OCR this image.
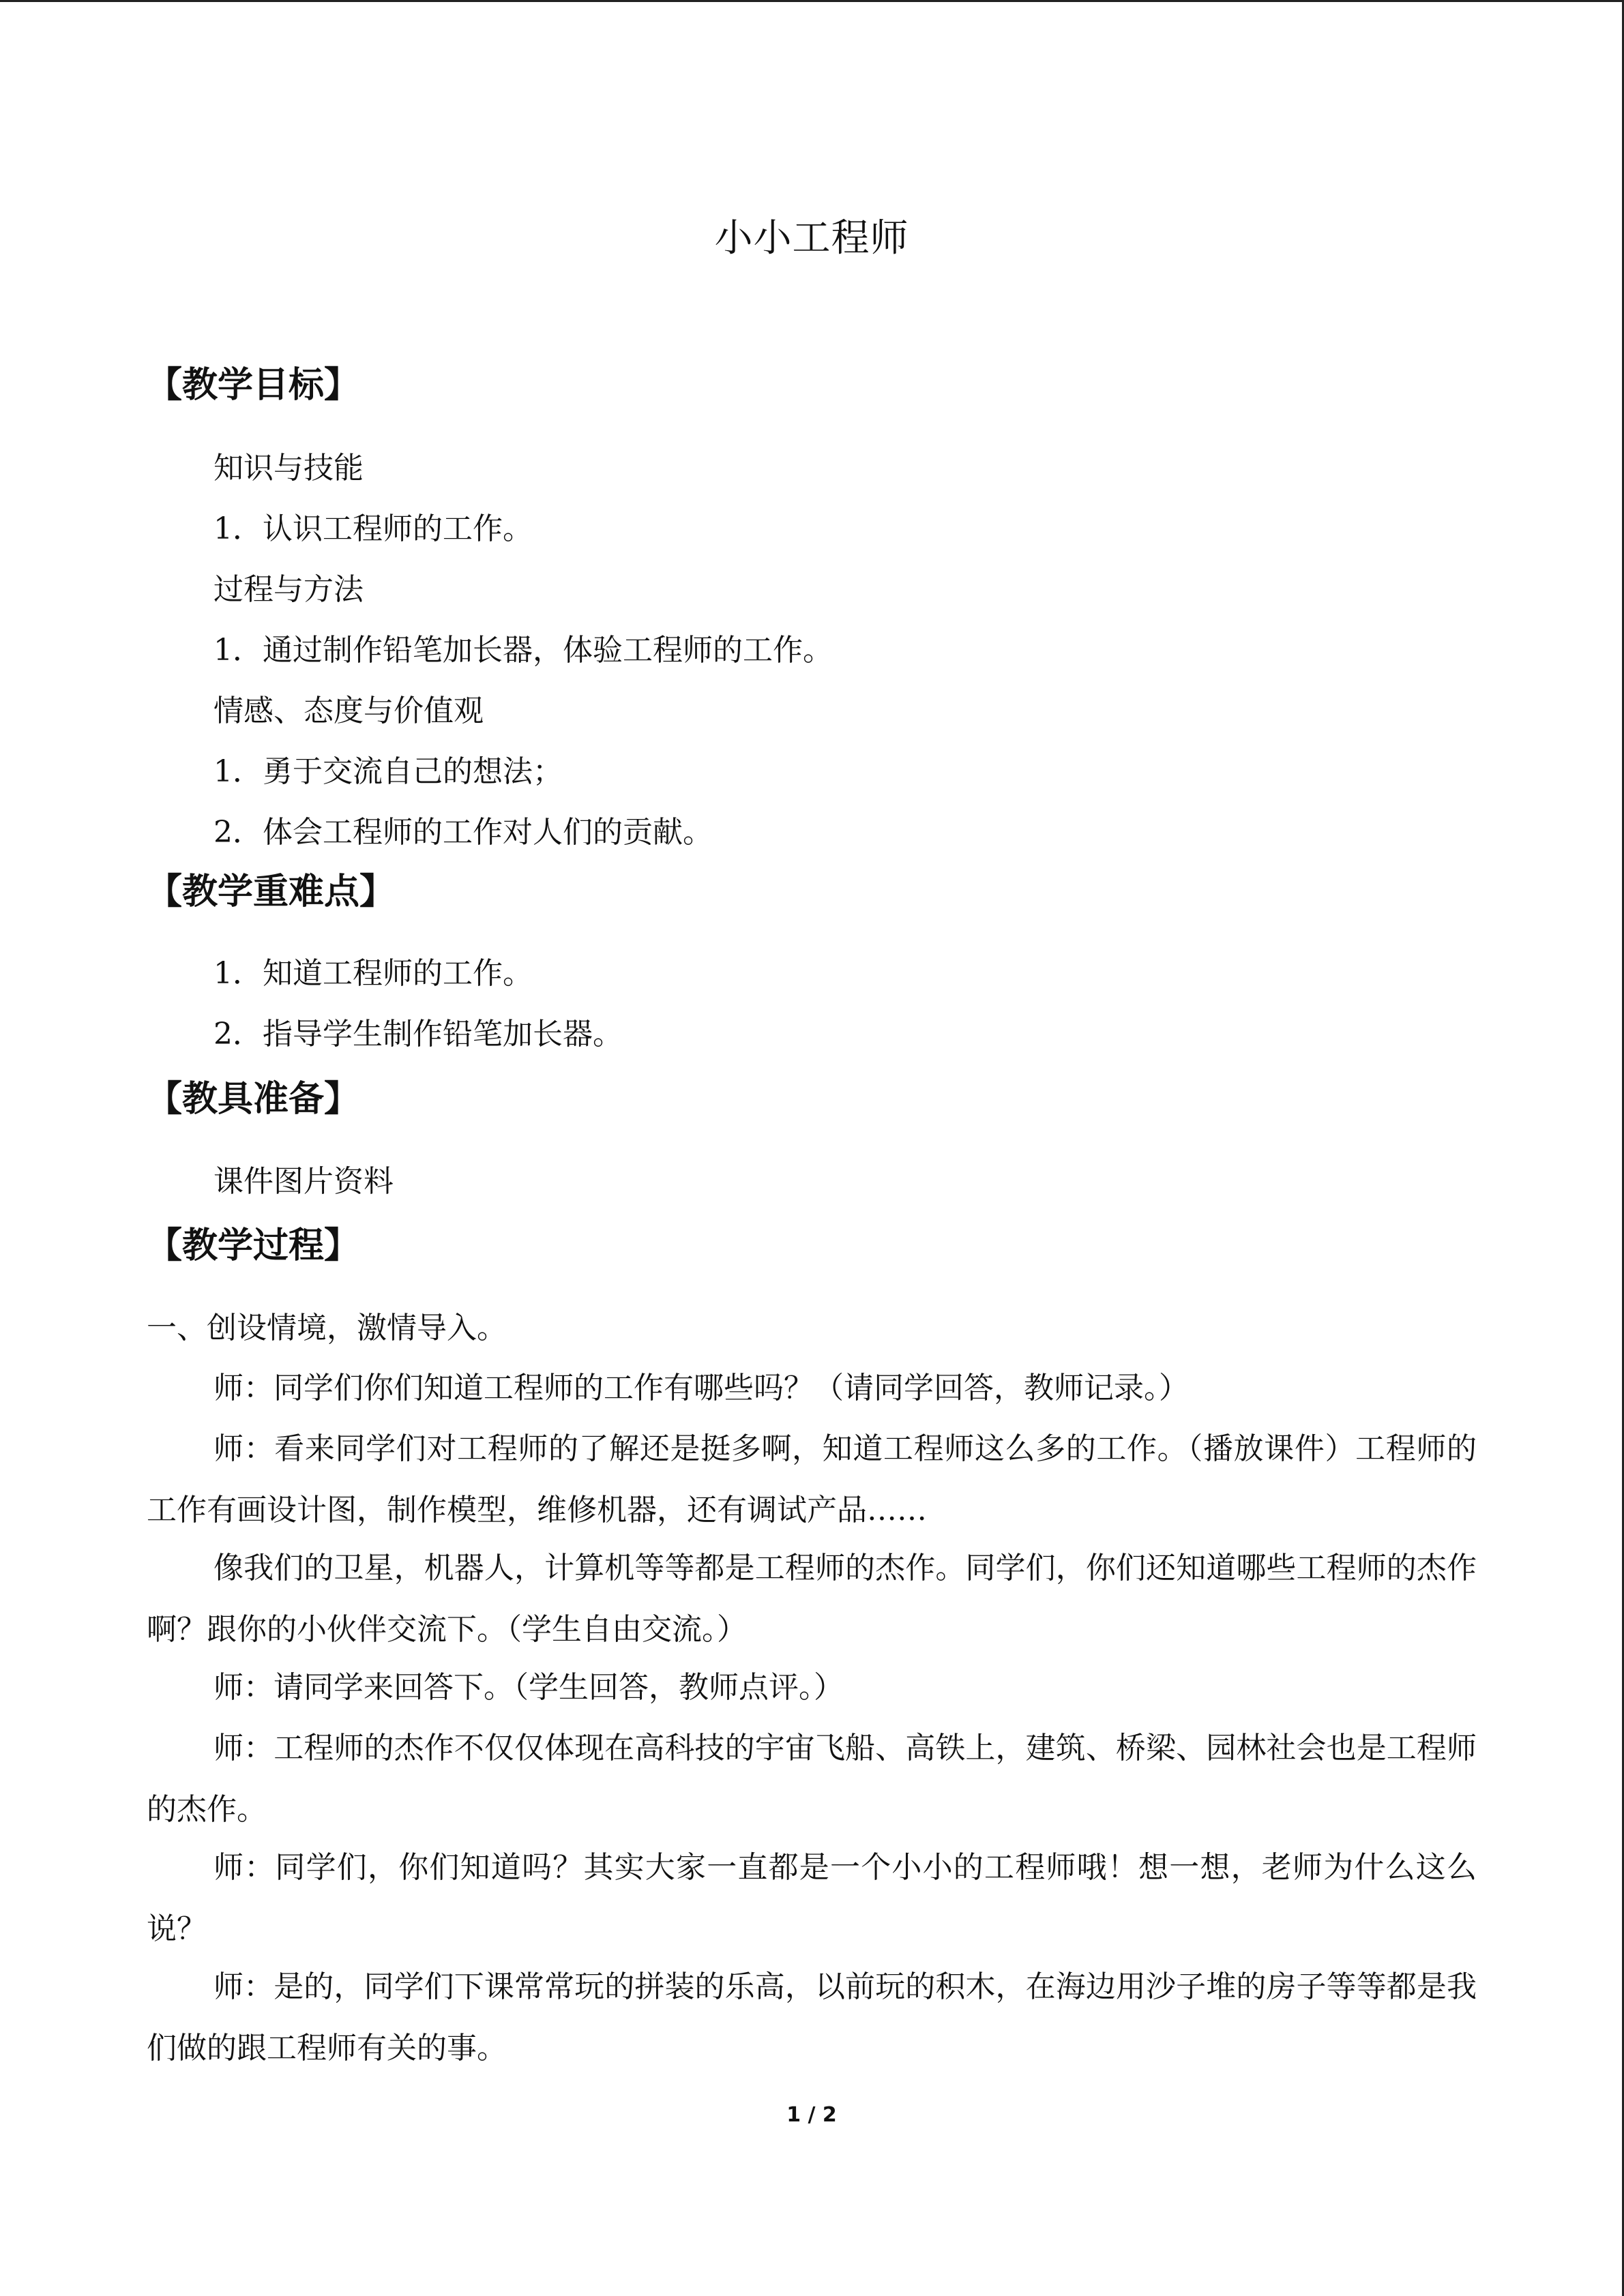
小小工程师
【教学目标】
知识与技能
1．认识工程师的工作。
过程与方法
1．通过制作铅笔加长器，体验工程师的工作。
情感、态度与价值观
1．勇于交流自己的想法；
2．体会工程师的工作对人们的贡献。
【教学重难点】
1．知道工程师的工作。
2．指导学生制作铅笔加长器。
【教具准备】
课件图片资料
【教学过程】
一、创设情境，激情导入。
师：同学们你们知道工程师的工作有哪些吗？（请同学回答，教师记录。）
师：看来同学们对工程师的了解还是挺多啊，知道工程师这么多的工作。（播放课件）工程师的工作有画设计图，制作模型，维修机器，还有调试产品……
像我们的卫星，机器人，计算机等等都是工程师的杰作。同学们，你们还知道哪些工程师的杰作啊？跟你的小伙伴交流下。（学生自由交流。）
师：请同学来回答下。（学生回答，教师点评。）
师：工程师的杰作不仅仅体现在高科技的宇宙飞船、高铁上，建筑、桥梁、园林社会也是工程师的杰作。
师：同学们，你们知道吗？其实大家一直都是一个小小的工程师哦！想一想，老师为什么这么说？
师：是的，同学们下课常常玩的拼装的乐高，以前玩的积木，在海边用沙子堆的房子等等都是我们做的跟工程师有关的事。
1 / 2
